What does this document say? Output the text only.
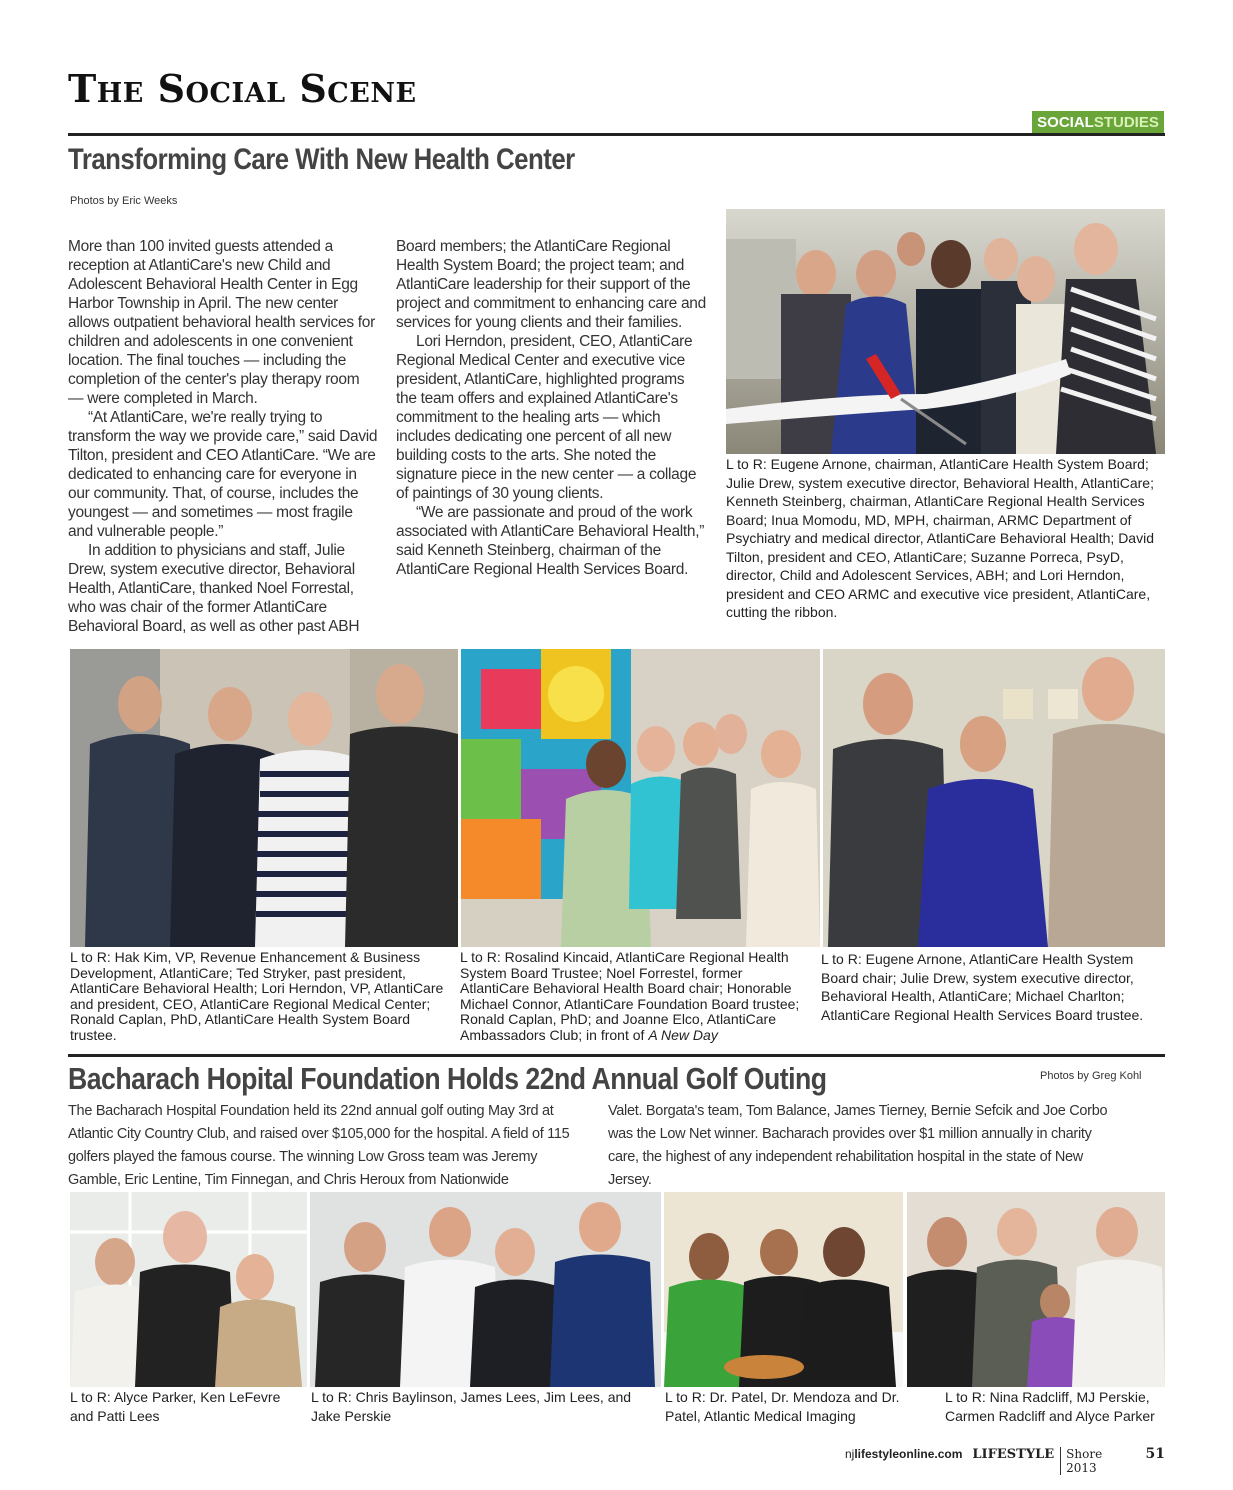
The Social Scene
SOCIAL STUDIES
Transforming Care With New Health Center
Photos by Eric Weeks

More than 100 invited guests attended a reception at AtlantiCare's new Child and Adolescent Behavioral Health Center in Egg Harbor Township in April. The new center allows outpatient behavioral health services for children and adolescents in one convenient location. The final touches — including the completion of the center's play therapy room — were completed in March.

“At AtlantiCare, we're really trying to transform the way we provide care,” said David Tilton, president and CEO AtlantiCare. “We are dedicated to enhancing care for everyone in our community. That, of course, includes the youngest — and sometimes — most fragile and vulnerable people.”

In addition to physicians and staff, Julie Drew, system executive director, Behavioral Health, AtlantiCare, thanked Noel Forrestal, who was chair of the former AtlantiCare Behavioral Board, as well as other past ABH

Board members; the AtlantiCare Regional Health System Board; the project team; and AtlantiCare leadership for their support of the project and commitment to enhancing care and services for young clients and their families.

Lori Herndon, president, CEO, AtlantiCare Regional Medical Center and executive vice president, AtlantiCare, highlighted programs the team offers and explained AtlantiCare's commitment to the healing arts — which includes dedicating one percent of all new building costs to the arts. She noted the signature piece in the new center — a collage of paintings of 30 young clients.

“We are passionate and proud of the work associated with AtlantiCare Behavioral Health,” said Kenneth Steinberg, chairman of the AtlantiCare Regional Health Services Board.

L to R: Eugene Arnone, chairman, AtlantiCare Health System Board; Julie Drew, system executive director, Behavioral Health, AtlantiCare; Kenneth Steinberg, chairman, AtlantiCare Regional Health Services Board; Inua Momodu, MD, MPH, chairman, ARMC Department of Psychiatry and medical director, AtlantiCare Behavioral Health; David Tilton, president and CEO, AtlantiCare; Suzanne Porreca, PsyD, director, Child and Adolescent Services, ABH; and Lori Herndon, president and CEO ARMC and executive vice president, AtlantiCare, cutting the ribbon.

L to R: Hak Kim, VP, Revenue Enhancement & Business Development, AtlantiCare; Ted Stryker, past president, AtlantiCare Behavioral Health; Lori Herndon, VP, AtlantiCare and president, CEO, AtlantiCare Regional Medical Center; Ronald Caplan, PhD, AtlantiCare Health System Board trustee.

L to R: Rosalind Kincaid, AtlantiCare Regional Health System Board Trustee; Noel Forrestel, former AtlantiCare Behavioral Health Board chair; Honorable Michael Connor, AtlantiCare Foundation Board trustee; Ronald Caplan, PhD; and Joanne Elco, AtlantiCare Ambassadors Club; in front of A New Day

L to R: Eugene Arnone, AtlantiCare Health System Board chair; Julie Drew, system executive director, Behavioral Health, AtlantiCare; Michael Charlton; AtlantiCare Regional Health Services Board trustee.

Bacharach Hopital Foundation Holds 22nd Annual Golf Outing	Photos by Greg Kohl

The Bacharach Hospital Foundation held its 22nd annual golf outing May 3rd at Atlantic City Country Club, and raised over $105,000 for the hospital. A field of 115 golfers played the famous course. The winning Low Gross team was Jeremy Gamble, Eric Lentine, Tim Finnegan, and Chris Heroux from Nationwide

Valet. Borgata's team, Tom Balance, James Tierney, Bernie Sefcik and Joe Corbo was the Low Net winner. Bacharach provides over $1 million annually in charity care, the highest of any independent rehabilitation hospital in the state of New Jersey.

L to R: Alyce Parker, Ken LeFevre and Patti Lees

L to R: Chris Baylinson, James Lees, Jim Lees, and Jake Perskie

L to R: Dr. Patel, Dr. Mendoza and Dr. Patel, Atlantic Medical Imaging

L to R: Nina Radcliff, MJ Perskie, Carmen Radcliff and Alyce Parker

njlifestyleonline.com LIFESTYLE	Shore 2013
51
